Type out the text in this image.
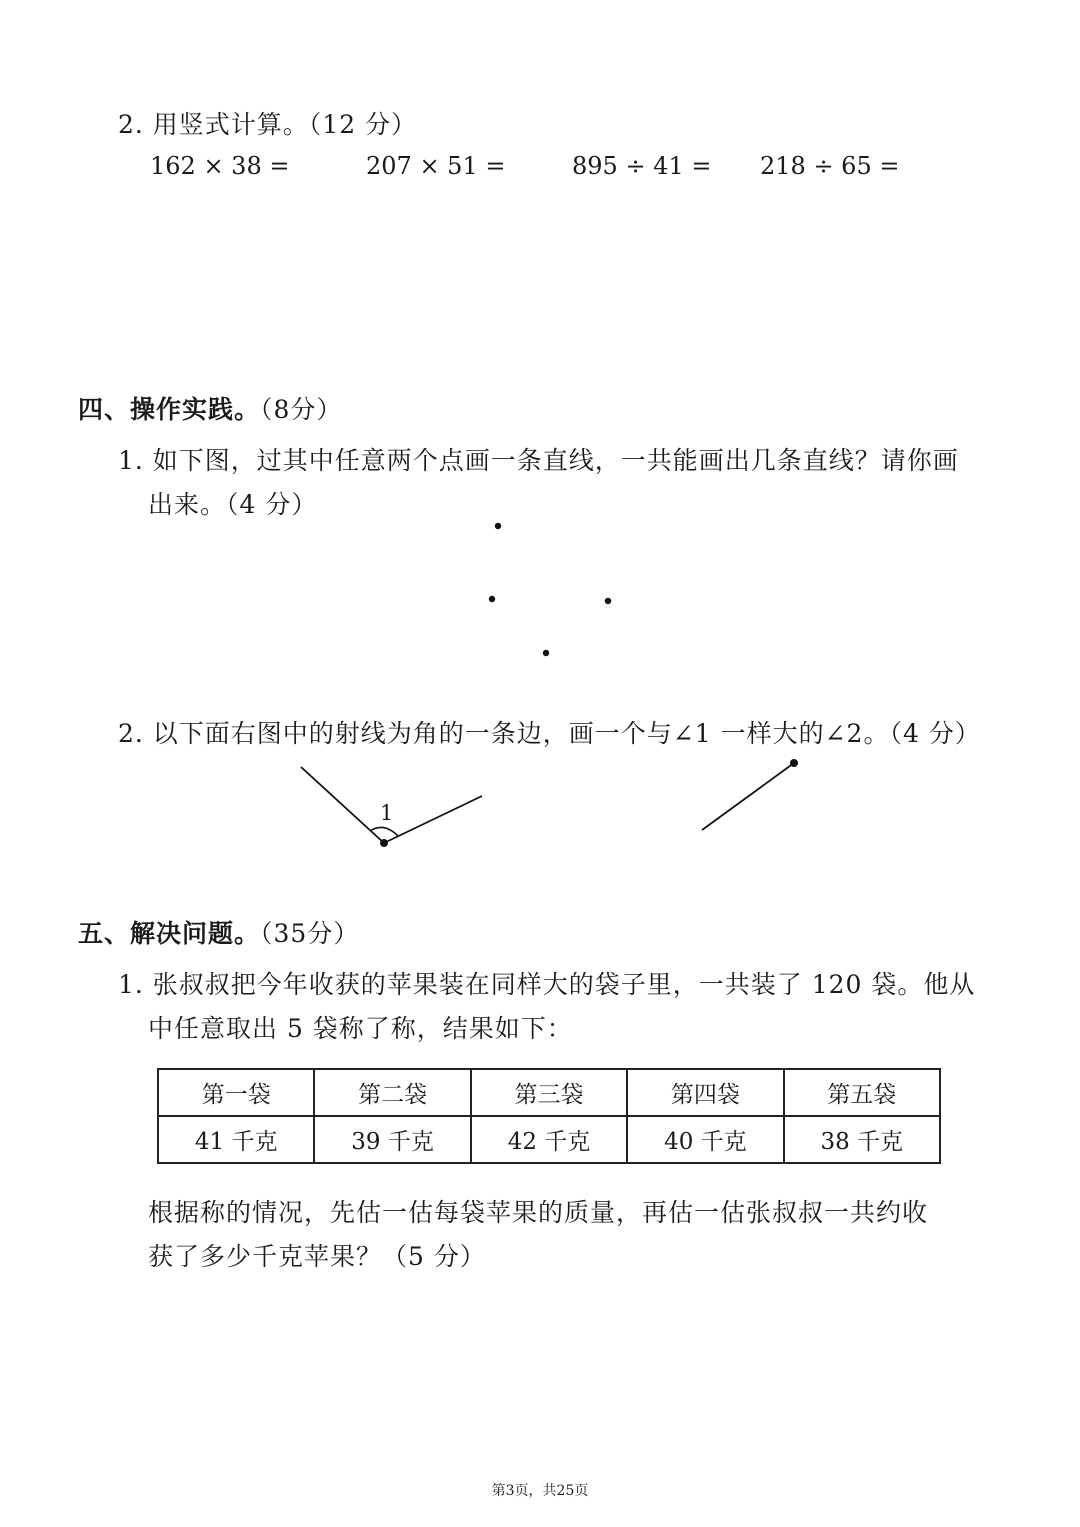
2. 用竖式计算。（12 分）
162 × 38 =	207 × 51 =	895 ÷ 41 = 218 ÷ 65 =
四、操作实践。（8分）
1. 如下图，过其中任意两个点画一条直线，一共能画出几条直线？请你画
出来。（4 分）
2. 以下面右图中的射线为角的一条边，画一个与∠1 一样大的∠2。（4 分）
1
五、解决问题。（35分）
1. 张叔叔把今年收获的苹果装在同样大的袋子里，一共装了 120 袋。他从
中任意取出 5 袋称了称，结果如下：
第一袋	第二袋	第三袋	第四袋	第五袋
41 千克	39 千克	42 千克	40 千克	38 千克
根据称的情况，先估一估每袋苹果的质量，再估一估张叔叔一共约收
获了多少千克苹果？（5 分）
第3页，共25页
